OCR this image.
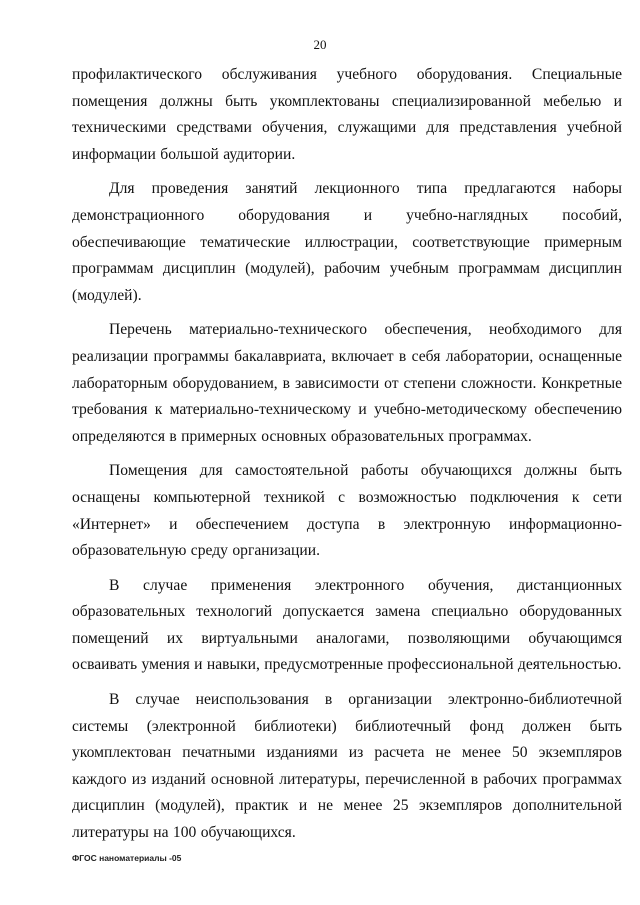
20

профилактического обслуживания учебного оборудования. Специальные помещения должны быть укомплектованы специализированной мебелью и техническими средствами обучения, служащими для представления учебной информации большой аудитории.

Для проведения занятий лекционного типа предлагаются наборы демонстрационного оборудования и учебно-наглядных пособий, обеспечивающие тематические иллюстрации, соответствующие примерным программам дисциплин (модулей), рабочим учебным программам дисциплин (модулей).

Перечень материально-технического обеспечения, необходимого для реализации программы бакалавриата, включает в себя лаборатории, оснащенные лабораторным оборудованием, в зависимости от степени сложности. Конкретные требования к материально-техническому и учебно-методическому обеспечению определяются в примерных основных образовательных программах.

Помещения для самостоятельной работы обучающихся должны быть оснащены компьютерной техникой с возможностью подключения к сети «Интернет» и обеспечением доступа в электронную информационно-образовательную среду организации.

В случае применения электронного обучения, дистанционных образовательных технологий допускается замена специально оборудованных помещений их виртуальными аналогами, позволяющими обучающимся осваивать умения и навыки, предусмотренные профессиональной деятельностью.

В случае неиспользования в организации электронно-библиотечной системы (электронной библиотеки) библиотечный фонд должен быть укомплектован печатными изданиями из расчета не менее 50 экземпляров каждого из изданий основной литературы, перечисленной в рабочих программах дисциплин (модулей), практик и не менее 25 экземпляров дополнительной литературы на 100 обучающихся.

ФГОС наноматериалы -05
